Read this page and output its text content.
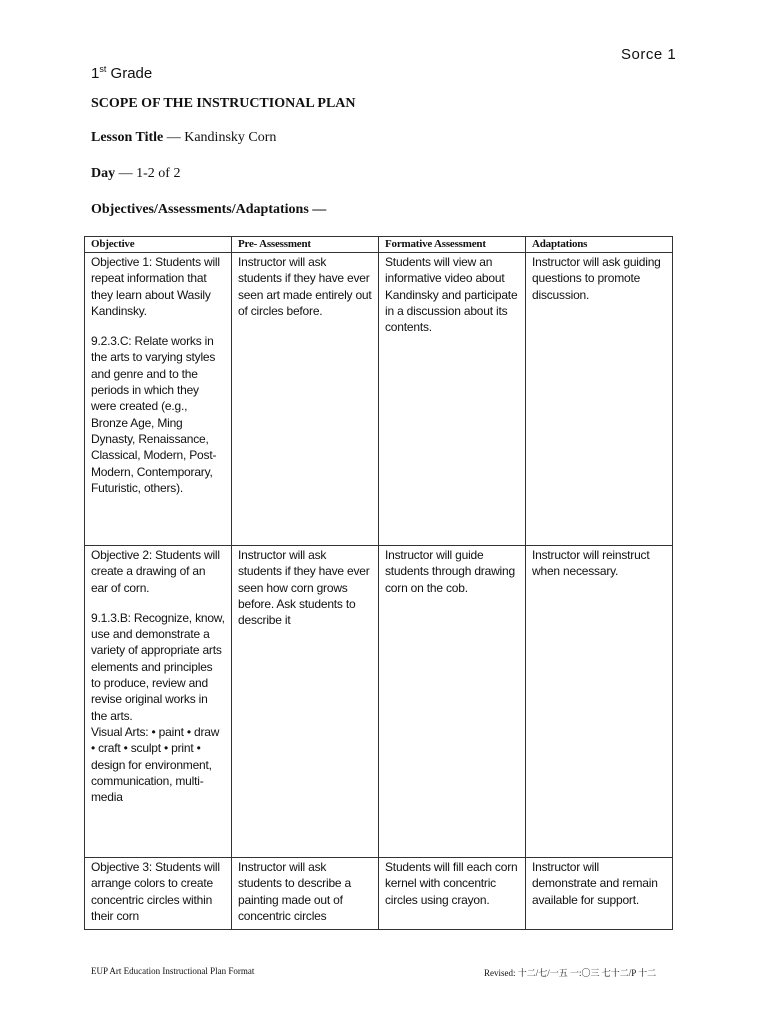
Sorce 1
1st Grade
SCOPE OF THE INSTRUCTIONAL PLAN
Lesson Title — Kandinsky Corn
Day — 1-2 of 2
Objectives/Assessments/Adaptations —
Objective	Pre- Assessment	Formative Assessment	Adaptations
Objective 1: Students will repeat information that they learn about Wasily Kandinsky.
9.2.3.C: Relate works in the arts to varying styles and genre and to the periods in which they were created (e.g., Bronze Age, Ming Dynasty, Renaissance, Classical, Modern, Post-Modern, Contemporary, Futuristic, others).	Instructor will ask students if they have ever seen art made entirely out of circles before.	Students will view an informative video about Kandinsky and participate in a discussion about its contents.	Instructor will ask guiding questions to promote discussion.
Objective 2: Students will create a drawing of an ear of corn.
9.1.3.B: Recognize, know, use and demonstrate a variety of appropriate arts elements and principles to produce, review and revise original works in the arts.
Visual Arts: • paint • draw • craft • sculpt • print • design for environment, communication, multi-media	Instructor will ask students if they have ever seen how corn grows before. Ask students to describe it	Instructor will guide students through drawing corn on the cob.	Instructor will reinstruct when necessary.
Objective 3: Students will arrange colors to create concentric circles within their corn	Instructor will ask students to describe a painting made out of concentric circles	Students will fill each corn kernel with concentric circles using crayon.	Instructor will demonstrate and remain available for support.
EUP Art Education Instructional Plan Format	Revised: 十二/七/一五 一:〇三 七十二/P 十二
